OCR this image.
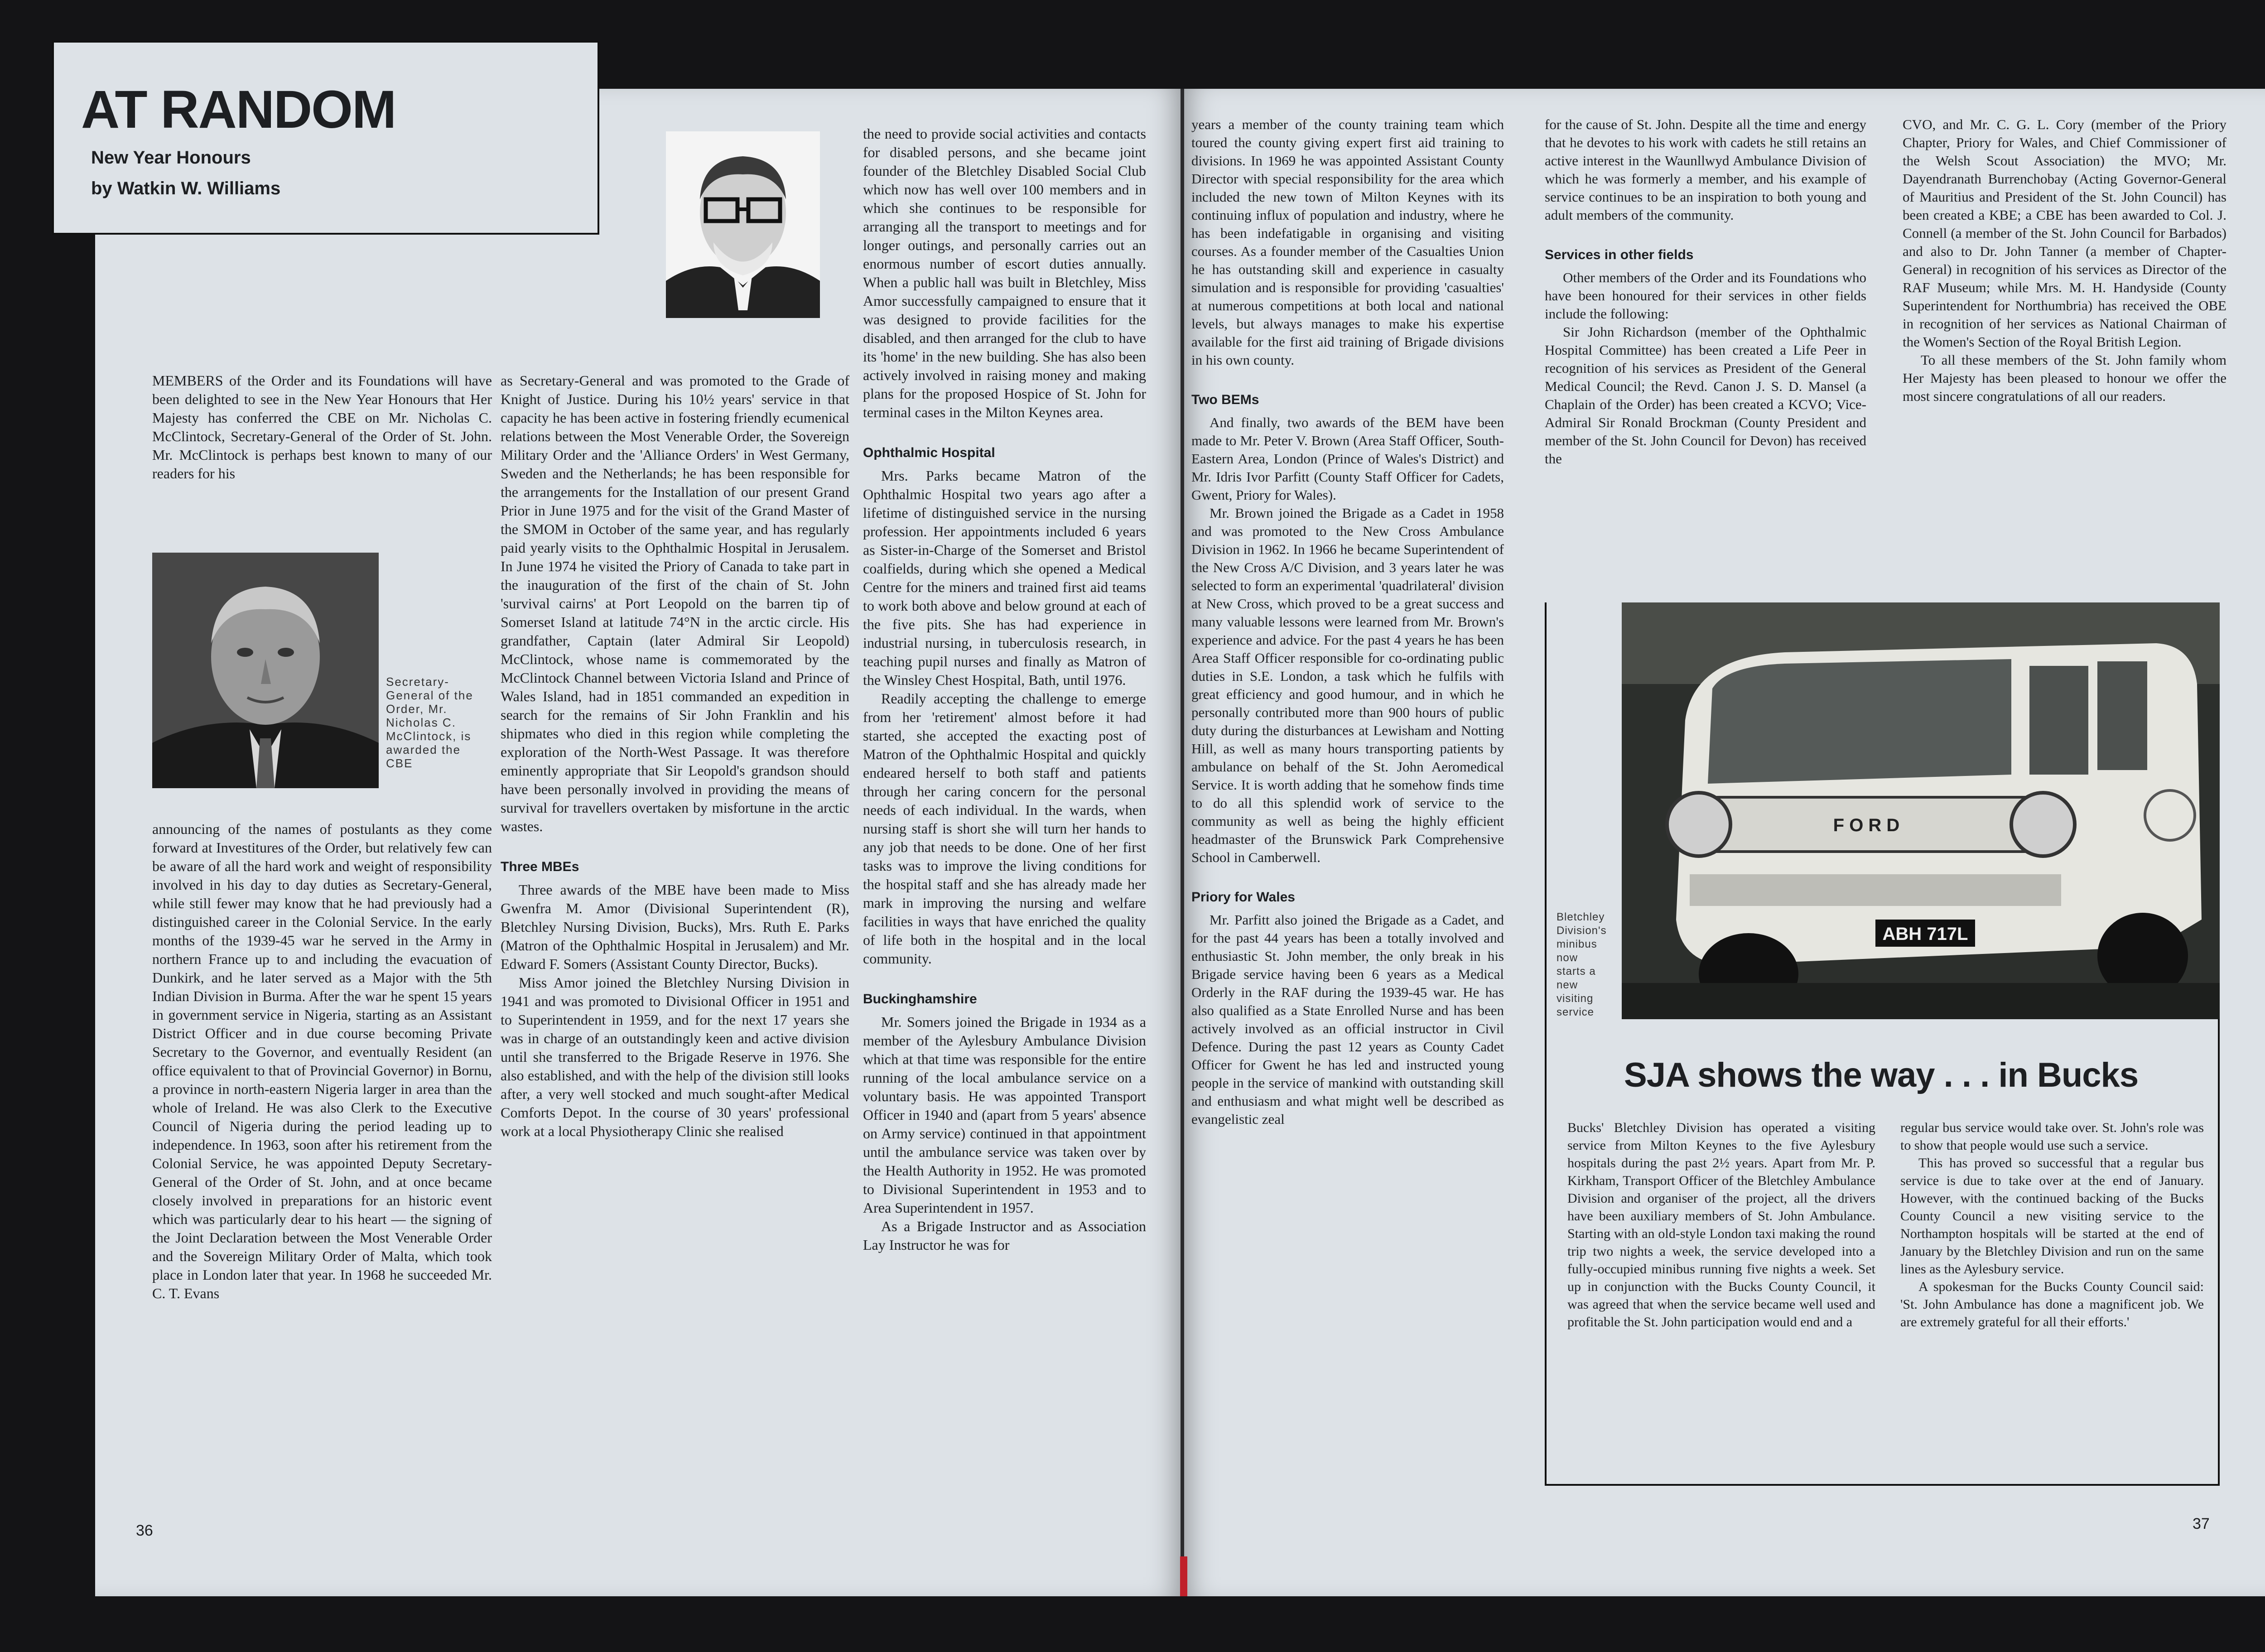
AT RANDOM

New Year Honours

by Watkin W. Williams

MEMBERS of the Order and its Foundations will have been delighted to see in the New Year Honours that Her Majesty has conferred the CBE on Mr. Nicholas C. McClintock, Secretary-General of the Order of St. John. Mr. McClintock is perhaps best known to many of our readers for his

Secretary-

General of the

Order, Mr.

Nicholas C.

McClintock, is

awarded the

CBE

announcing of the names of postulants as they come forward at Investitures of the Order, but relatively few can be aware of all the hard work and weight of responsibility involved in his day to day duties as Secretary-General, while still fewer may know that he had previously had a distinguished career in the Colonial Service. In the early months of the 1939-45 war he served in the Army in northern France up to and including the evacuation of Dunkirk, and he later served as a Major with the 5th Indian Division in Burma. After the war he spent 15 years in government service in Nigeria, starting as an Assistant District Officer and in due course becoming Private Secretary to the Governor, and eventually Resident (an office equivalent to that of Provincial Governor) in Bornu, a province in north-eastern Nigeria larger in area than the whole of Ireland. He was also Clerk to the Executive Council of Nigeria during the period leading up to independence. In 1963, soon after his retirement from the Colonial Service, he was appointed Deputy Secretary-General of the Order of St. John, and at once became closely involved in preparations for an historic event which was particularly dear to his heart — the signing of the Joint Declaration between the Most Venerable Order and the Sovereign Military Order of Malta, which took place in London later that year. In 1968 he succeeded Mr. C. T. Evans

as Secretary-General and was promoted to the Grade of Knight of Justice. During his 10½ years' service in that capacity he has been active in fostering friendly ecumenical relations between the Most Venerable Order, the Sovereign Military Order and the 'Alliance Orders' in West Germany, Sweden and the Netherlands; he has been responsible for the arrangements for the Installation of our present Grand Prior in June 1975 and for the visit of the Grand Master of the SMOM in October of the same year, and has regularly paid yearly visits to the Ophthalmic Hospital in Jerusalem. In June 1974 he visited the Priory of Canada to take part in the inauguration of the first of the chain of St. John 'survival cairns' at Port Leopold on the barren tip of Somerset Island at latitude 74°N in the arctic circle. His grandfather, Captain (later Admiral Sir Leopold) McClintock, whose name is commemorated by the McClintock Channel between Victoria Island and Prince of Wales Island, had in 1851 commanded an expedition in search for the remains of Sir John Franklin and his shipmates who died in this region while completing the exploration of the North-West Passage. It was therefore eminently appropriate that Sir Leopold's grandson should have been personally involved in providing the means of survival for travellers overtaken by misfortune in the arctic wastes.

Three MBEs

Three awards of the MBE have been made to Miss Gwenfra M. Amor (Divisional Superintendent (R), Bletchley Nursing Division, Bucks), Mrs. Ruth E. Parks (Matron of the Ophthalmic Hospital in Jerusalem) and Mr. Edward F. Somers (Assistant County Director, Bucks).

Miss Amor joined the Bletchley Nursing Division in 1941 and was promoted to Divisional Officer in 1951 and to Superintendent in 1959, and for the next 17 years she was in charge of an outstandingly keen and active division until she transferred to the Brigade Reserve in 1976. She also established, and with the help of the division still looks after, a very well stocked and much sought-after Medical Comforts Depot. In the course of 30 years' professional work at a local Physiotherapy Clinic she realised

the need to provide social activities and contacts for disabled persons, and she became joint founder of the Bletchley Disabled Social Club which now has well over 100 members and in which she continues to be responsible for arranging all the transport to meetings and for longer outings, and personally carries out an enormous number of escort duties annually. When a public hall was built in Bletchley, Miss Amor successfully campaigned to ensure that it was designed to provide facilities for the disabled, and then arranged for the club to have its 'home' in the new building. She has also been actively involved in raising money and making plans for the proposed Hospice of St. John for terminal cases in the Milton Keynes area.

Ophthalmic Hospital

Mrs. Parks became Matron of the Ophthalmic Hospital two years ago after a lifetime of distinguished service in the nursing profession. Her appointments included 6 years as Sister-in-Charge of the Somerset and Bristol coalfields, during which she opened a Medical Centre for the miners and trained first aid teams to work both above and below ground at each of the five pits. She has had experience in industrial nursing, in tuberculosis research, in teaching pupil nurses and finally as Matron of the Winsley Chest Hospital, Bath, until 1976.

Readily accepting the challenge to emerge from her 'retirement' almost before it had started, she accepted the exacting post of Matron of the Ophthalmic Hospital and quickly endeared herself to both staff and patients through her caring concern for the personal needs of each individual. In the wards, when nursing staff is short she will turn her hands to any job that needs to be done. One of her first tasks was to improve the living conditions for the hospital staff and she has already made her mark in improving the nursing and welfare facilities in ways that have enriched the quality of life both in the hospital and in the local community.

Buckinghamshire

Mr. Somers joined the Brigade in 1934 as a member of the Aylesbury Ambulance Division which at that time was responsible for the entire running of the local ambulance service on a voluntary basis. He was appointed Transport Officer in 1940 and (apart from 5 years' absence on Army service) continued in that appointment until the ambulance service was taken over by the Health Authority in 1952. He was promoted to Divisional Superintendent in 1953 and to Area Superintendent in 1957.

As a Brigade Instructor and as Association Lay Instructor he was for

36

years a member of the county training team which toured the county giving expert first aid training to divisions. In 1969 he was appointed Assistant County Director with special responsibility for the area which included the new town of Milton Keynes with its continuing influx of population and industry, where he has been indefatigable in organising and visiting courses. As a founder member of the Casualties Union he has outstanding skill and experience in casualty simulation and is responsible for providing 'casualties' at numerous competitions at both local and national levels, but always manages to make his expertise available for the first aid training of Brigade divisions in his own county.

Two BEMs

And finally, two awards of the BEM have been made to Mr. Peter V. Brown (Area Staff Officer, South-Eastern Area, London (Prince of Wales's District) and Mr. Idris Ivor Parfitt (County Staff Officer for Cadets, Gwent, Priory for Wales).

Mr. Brown joined the Brigade as a Cadet in 1958 and was promoted to the New Cross Ambulance Division in 1962. In 1966 he became Superintendent of the New Cross A/C Division, and 3 years later he was selected to form an experimental 'quadrilateral' division at New Cross, which proved to be a great success and many valuable lessons were learned from Mr. Brown's experience and advice. For the past 4 years he has been Area Staff Officer responsible for co-ordinating public duties in S.E. London, a task which he fulfils with great efficiency and good humour, and in which he personally contributed more than 900 hours of public duty during the disturbances at Lewisham and Notting Hill, as well as many hours transporting patients by ambulance on behalf of the St. John Aeromedical Service. It is worth adding that he somehow finds time to do all this splendid work of service to the community as well as being the highly efficient headmaster of the Brunswick Park Comprehensive School in Camberwell.

Priory for Wales

Mr. Parfitt also joined the Brigade as a Cadet, and for the past 44 years has been a totally involved and enthusiastic St. John member, the only break in his Brigade service having been 6 years as a Medical Orderly in the RAF during the 1939-45 war. He has also qualified as a State Enrolled Nurse and has been actively involved as an official instructor in Civil Defence. During the past 12 years as County Cadet Officer for Gwent he has led and instructed young people in the service of mankind with outstanding skill and enthusiasm and what might well be described as evangelistic zeal

for the cause of St. John. Despite all the time and energy that he devotes to his work with cadets he still retains an active interest in the Waunllwyd Ambulance Division of which he was formerly a member, and his example of service continues to be an inspiration to both young and adult members of the community.

Services in other fields

Other members of the Order and its Foundations who have been honoured for their services in other fields include the following:

Sir John Richardson (member of the Ophthalmic Hospital Committee) has been created a Life Peer in recognition of his services as President of the General Medical Council; the Revd. Canon J. S. D. Mansel (a Chaplain of the Order) has been created a KCVO; Vice-Admiral Sir Ronald Brockman (County President and member of the St. John Council for Devon) has received the

CVO, and Mr. C. G. L. Cory (member of the Priory Chapter, Priory for Wales, and Chief Commissioner of the Welsh Scout Association) the MVO; Mr. Dayendranath Burrenchobay (Acting Governor-General of Mauritius and President of the St. John Council) has been created a KBE; a CBE has been awarded to Col. J. Connell (a member of the St. John Council for Barbados) and also to Dr. John Tanner (a member of Chapter-General) in recognition of his services as Director of the RAF Museum; while Mrs. M. H. Handyside (County Superintendent for Northumbria) has received the OBE in recognition of her services as National Chairman of the Women's Section of the Royal British Legion.

To all these members of the St. John family whom Her Majesty has been pleased to honour we offer the most sincere congratulations of all our readers.

F O R D
ABH 717L

Bletchley

Division's

minibus now

starts a new

visiting

service

SJA shows the way . . . in Bucks

Bucks' Bletchley Division has operated a visiting service from Milton Keynes to the five Aylesbury hospitals during the past 2½ years. Apart from Mr. P. Kirkham, Transport Officer of the Bletchley Ambulance Division and organiser of the project, all the drivers have been auxiliary members of St. John Ambulance. Starting with an old-style London taxi making the round trip two nights a week, the service developed into a fully-occupied minibus running five nights a week. Set up in conjunction with the Bucks County Council, it was agreed that when the service became well used and profitable the St. John participation would end and a

regular bus service would take over. St. John's role was to show that people would use such a service.

This has proved so successful that a regular bus service is due to take over at the end of January. However, with the continued backing of the Bucks County Council a new visiting service to the Northampton hospitals will be started at the end of January by the Bletchley Division and run on the same lines as the Aylesbury service.

A spokesman for the Bucks County Council said: 'St. John Ambulance has done a magnificent job. We are extremely grateful for all their efforts.'

37
